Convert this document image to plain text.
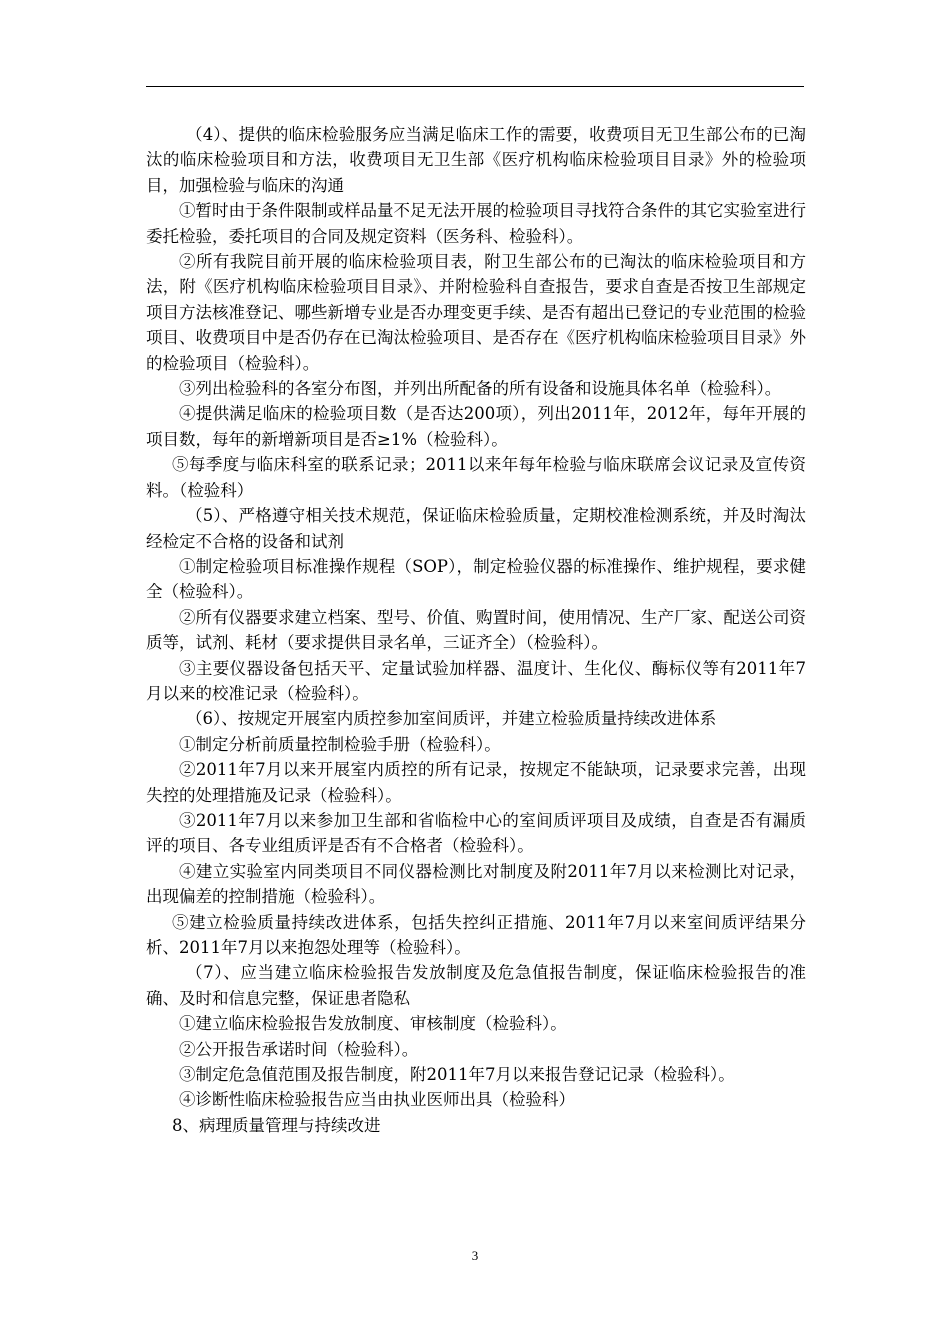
（4）、提供的临床检验服务应当满足临床工作的需要，收费项目无卫生部公布的已淘汰的临床检验项目和方法，收费项目无卫生部《医疗机构临床检验项目目录》外的检验项目，加强检验与临床的沟通

①暂时由于条件限制或样品量不足无法开展的检验项目寻找符合条件的其它实验室进行委托检验，委托项目的合同及规定资料（医务科、检验科）。

②所有我院目前开展的临床检验项目表，附卫生部公布的已淘汰的临床检验项目和方法，附《医疗机构临床检验项目目录》、并附检验科自查报告，要求自查是否按卫生部规定项目方法核准登记、哪些新增专业是否办理变更手续、是否有超出已登记的专业范围的检验项目、收费项目中是否仍存在已淘汰检验项目、是否存在《医疗机构临床检验项目目录》外的检验项目（检验科）。

③列出检验科的各室分布图，并列出所配备的所有设备和设施具体名单（检验科）。

④提供满足临床的检验项目数（是否达200项），列出2011年，2012年，每年开展的项目数，每年的新增新项目是否≥1%（检验科）。

⑤每季度与临床科室的联系记录；2011以来年每年检验与临床联席会议记录及宣传资料。（检验科）

（5）、严格遵守相关技术规范，保证临床检验质量，定期校准检测系统，并及时淘汰经检定不合格的设备和试剂

①制定检验项目标准操作规程（SOP），制定检验仪器的标准操作、维护规程，要求健全（检验科）。

②所有仪器要求建立档案、型号、价值、购置时间，使用情况、生产厂家、配送公司资质等，试剂、耗材（要求提供目录名单，三证齐全）（检验科）。

③主要仪器设备包括天平、定量试验加样器、温度计、生化仪、酶标仪等有2011年7月以来的校准记录（检验科）。

（6）、按规定开展室内质控参加室间质评，并建立检验质量持续改进体系

①制定分析前质量控制检验手册（检验科）。

②2011年7月以来开展室内质控的所有记录，按规定不能缺项，记录要求完善，出现失控的处理措施及记录（检验科）。

③2011年7月以来参加卫生部和省临检中心的室间质评项目及成绩，自查是否有漏质评的项目、各专业组质评是否有不合格者（检验科）。

④建立实验室内同类项目不同仪器检测比对制度及附2011年7月以来检测比对记录，出现偏差的控制措施（检验科）。

⑤建立检验质量持续改进体系，包括失控纠正措施、2011年7月以来室间质评结果分析、2011年7月以来抱怨处理等（检验科）。

（7）、应当建立临床检验报告发放制度及危急值报告制度，保证临床检验报告的准确、及时和信息完整，保证患者隐私

①建立临床检验报告发放制度、审核制度（检验科）。

②公开报告承诺时间（检验科）。

③制定危急值范围及报告制度，附2011年7月以来报告登记记录（检验科）。

④诊断性临床检验报告应当由执业医师出具（检验科）

8、病理质量管理与持续改进

3
